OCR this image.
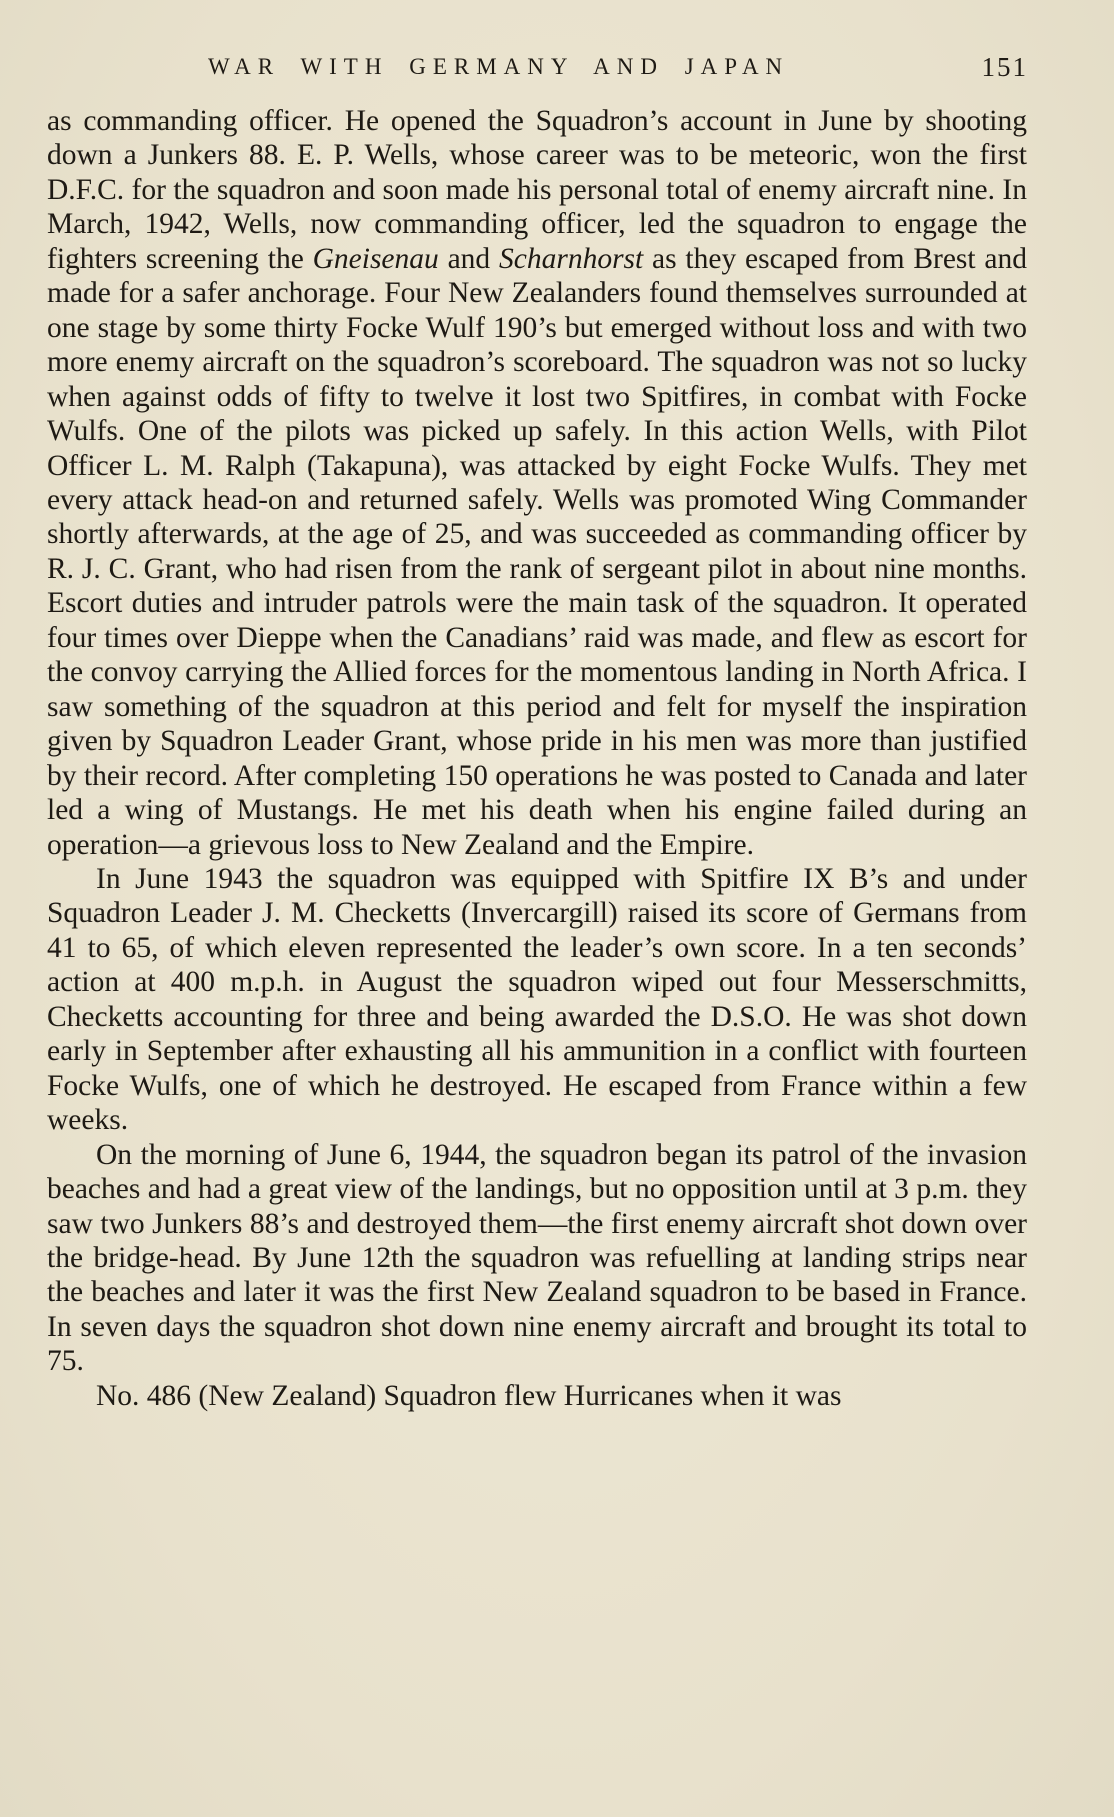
WAR WITH GERMANY AND JAPAN	151

as commanding officer. He opened the Squadron’s account in June by shooting down a Junkers 88. E. P. Wells, whose career was to be meteoric, won the first D.F.C. for the squadron and soon made his personal total of enemy aircraft nine. In March, 1942, Wells, now commanding officer, led the squadron to engage the fighters screening the Gneisenau and Scharnhorst as they escaped from Brest and made for a safer anchorage. Four New Zealanders found themselves surrounded at one stage by some thirty Focke Wulf 190’s but emerged without loss and with two more enemy aircraft on the squadron’s scoreboard. The squadron was not so lucky when against odds of fifty to twelve it lost two Spitfires, in combat with Focke Wulfs. One of the pilots was picked up safely. In this action Wells, with Pilot Officer L. M. Ralph (Takapuna), was attacked by eight Focke Wulfs. They met every attack head-on and returned safely. Wells was promoted Wing Commander shortly afterwards, at the age of 25, and was succeeded as commanding officer by R. J. C. Grant, who had risen from the rank of sergeant pilot in about nine months. Escort duties and intruder patrols were the main task of the squadron. It operated four times over Dieppe when the Canadians’ raid was made, and flew as escort for the convoy carrying the Allied forces for the momentous landing in North Africa. I saw something of the squadron at this period and felt for myself the inspiration given by Squadron Leader Grant, whose pride in his men was more than justified by their record. After completing 150 operations he was posted to Canada and later led a wing of Mustangs. He met his death when his engine failed during an operation—a grievous loss to New Zealand and the Empire.

In June 1943 the squadron was equipped with Spitfire IX B’s and under Squadron Leader J. M. Checketts (Invercargill) raised its score of Germans from 41 to 65, of which eleven represented the leader’s own score. In a ten seconds’ action at 400 m.p.h. in August the squadron wiped out four Messerschmitts, Checketts accounting for three and being awarded the D.S.O. He was shot down early in September after exhausting all his ammunition in a conflict with fourteen Focke Wulfs, one of which he destroyed. He escaped from France within a few weeks.

On the morning of June 6, 1944, the squadron began its patrol of the invasion beaches and had a great view of the landings, but no opposition until at 3 p.m. they saw two Junkers 88’s and destroyed them—the first enemy aircraft shot down over the bridge-head. By June 12th the squadron was refuelling at landing strips near the beaches and later it was the first New Zealand squadron to be based in France. In seven days the squadron shot down nine enemy aircraft and brought its total to 75.

No. 486 (New Zealand) Squadron flew Hurricanes when it was
